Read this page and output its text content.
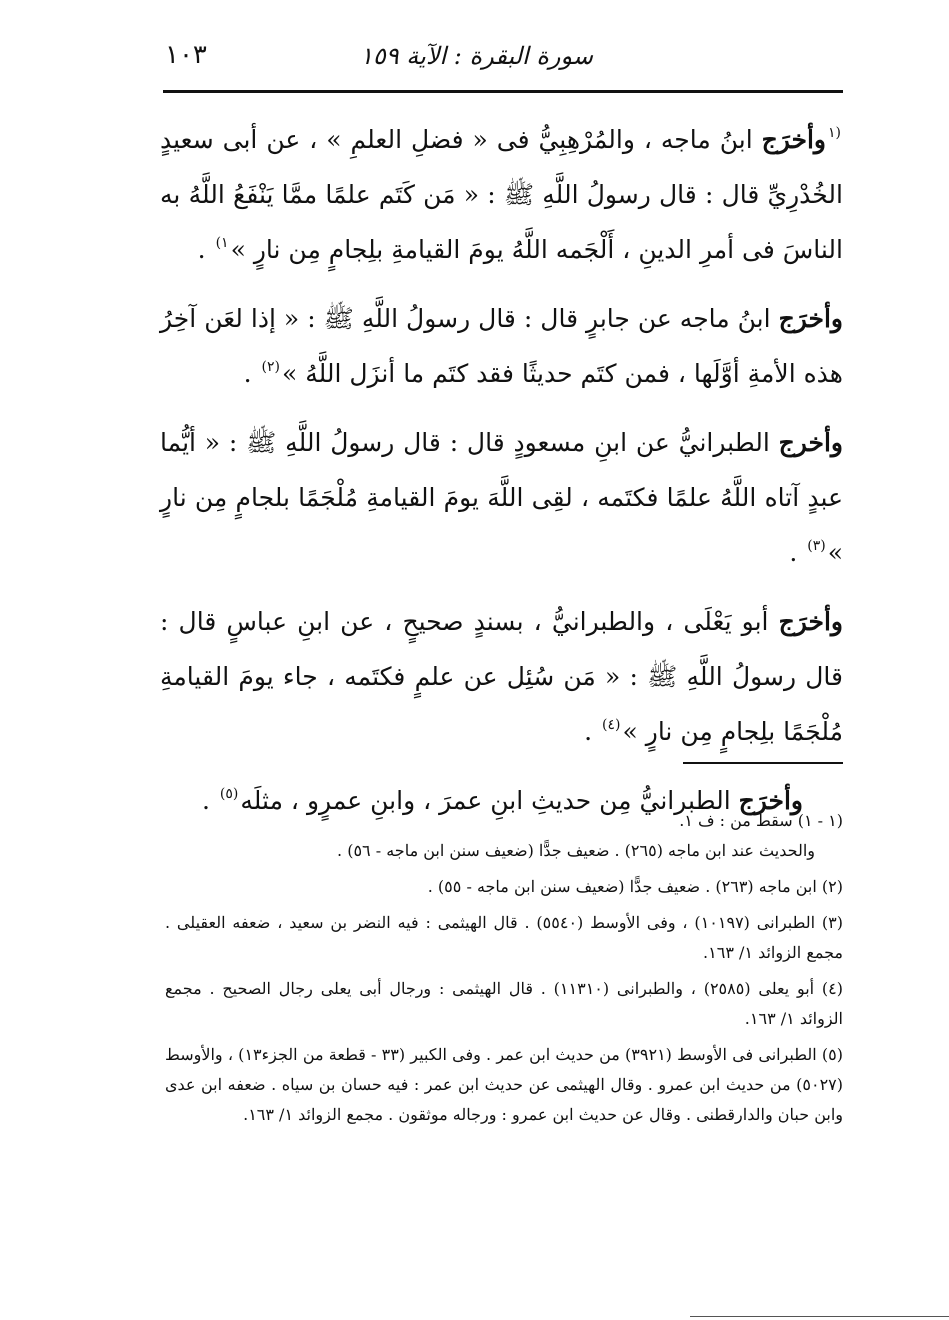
١٠٣	سورة البقرة : الآية ١٥٩

$^{(١}$وأخرَج ابنُ ماجه ، والمُرْهِبِيُّ فى « فضلِ العلمِ » ، عن أبى سعيدٍ الخُدْرِيِّ قال : قال رسولُ اللَّهِ ﷺ : « مَن كَتَم علمًا ممَّا يَنْفَعُ اللَّهُ به الناسَ فى أمرِ الدينِ ، أَلْجَمه اللَّهُ يومَ القيامةِ بلِجامٍ مِن نارٍ »$^{١)}$ .

وأخرَج ابنُ ماجه عن جابرٍ قال : قال رسولُ اللَّهِ ﷺ : « إذا لعَن آخِرُ هذه الأمةِ أوَّلَها ، فمن كتَم حديثًا فقد كتَم ما أنزَل اللَّهُ »$^{(٢)}$ .

وأخرج الطبرانيُّ عن ابنِ مسعودٍ قال : قال رسولُ اللَّهِ ﷺ : « أيُّما عبدٍ آتاه اللَّهُ علمًا فكتَمه ، لقِى اللَّهَ يومَ القيامةِ مُلْجَمًا بلجامٍ مِن نارٍ »$^{(٣)}$ .

وأخرَج أبو يَعْلَى ، والطبرانيُّ ، بسندٍ صحيحٍ ، عن ابنِ عباسٍ قال : قال رسولُ اللَّهِ ﷺ : « مَن سُئِل عن علمٍ فكتَمه ، جاء يومَ القيامةِ مُلْجَمًا بلِجامٍ مِن نارٍ »$^{(٤)}$ .

وأخرَج الطبرانيُّ مِن حديثِ ابنِ عمرَ ، وابنِ عمرٍو ، مثلَه$^{(٥)}$ .

(١ - ١) سقط من : ف ١.

والحديث عند ابن ماجه (٢٦٥) . ضعيف جدًّا (ضعيف سنن ابن ماجه - ٥٦) .

(٢) ابن ماجه (٢٦٣) . ضعيف جدًّا (ضعيف سنن ابن ماجه - ٥٥) .

(٣) الطبرانى (١٠١٩٧) ، وفى الأوسط (٥٥٤٠) . قال الهيثمى : فيه النضر بن سعيد ، ضعفه العقيلى . مجمع الزوائد ١/ ١٦٣.

(٤) أبو يعلى (٢٥٨٥) ، والطبرانى (١١٣١٠) . قال الهيثمى : ورجال أبى يعلى رجال الصحيح . مجمع الزوائد ١/ ١٦٣.

(٥) الطبرانى فى الأوسط (٣٩٢١) من حديث ابن عمر . وفى الكبير (٣٣ - قطعة من الجزء١٣) ، والأوسط (٥٠٢٧) من حديث ابن عمرو . وقال الهيثمى عن حديث ابن عمر : فيه حسان بن سياه . ضعفه ابن عدى وابن حبان والدارقطنى . وقال عن حديث ابن عمرو : ورجاله موثقون . مجمع الزوائد ١/ ١٦٣.
